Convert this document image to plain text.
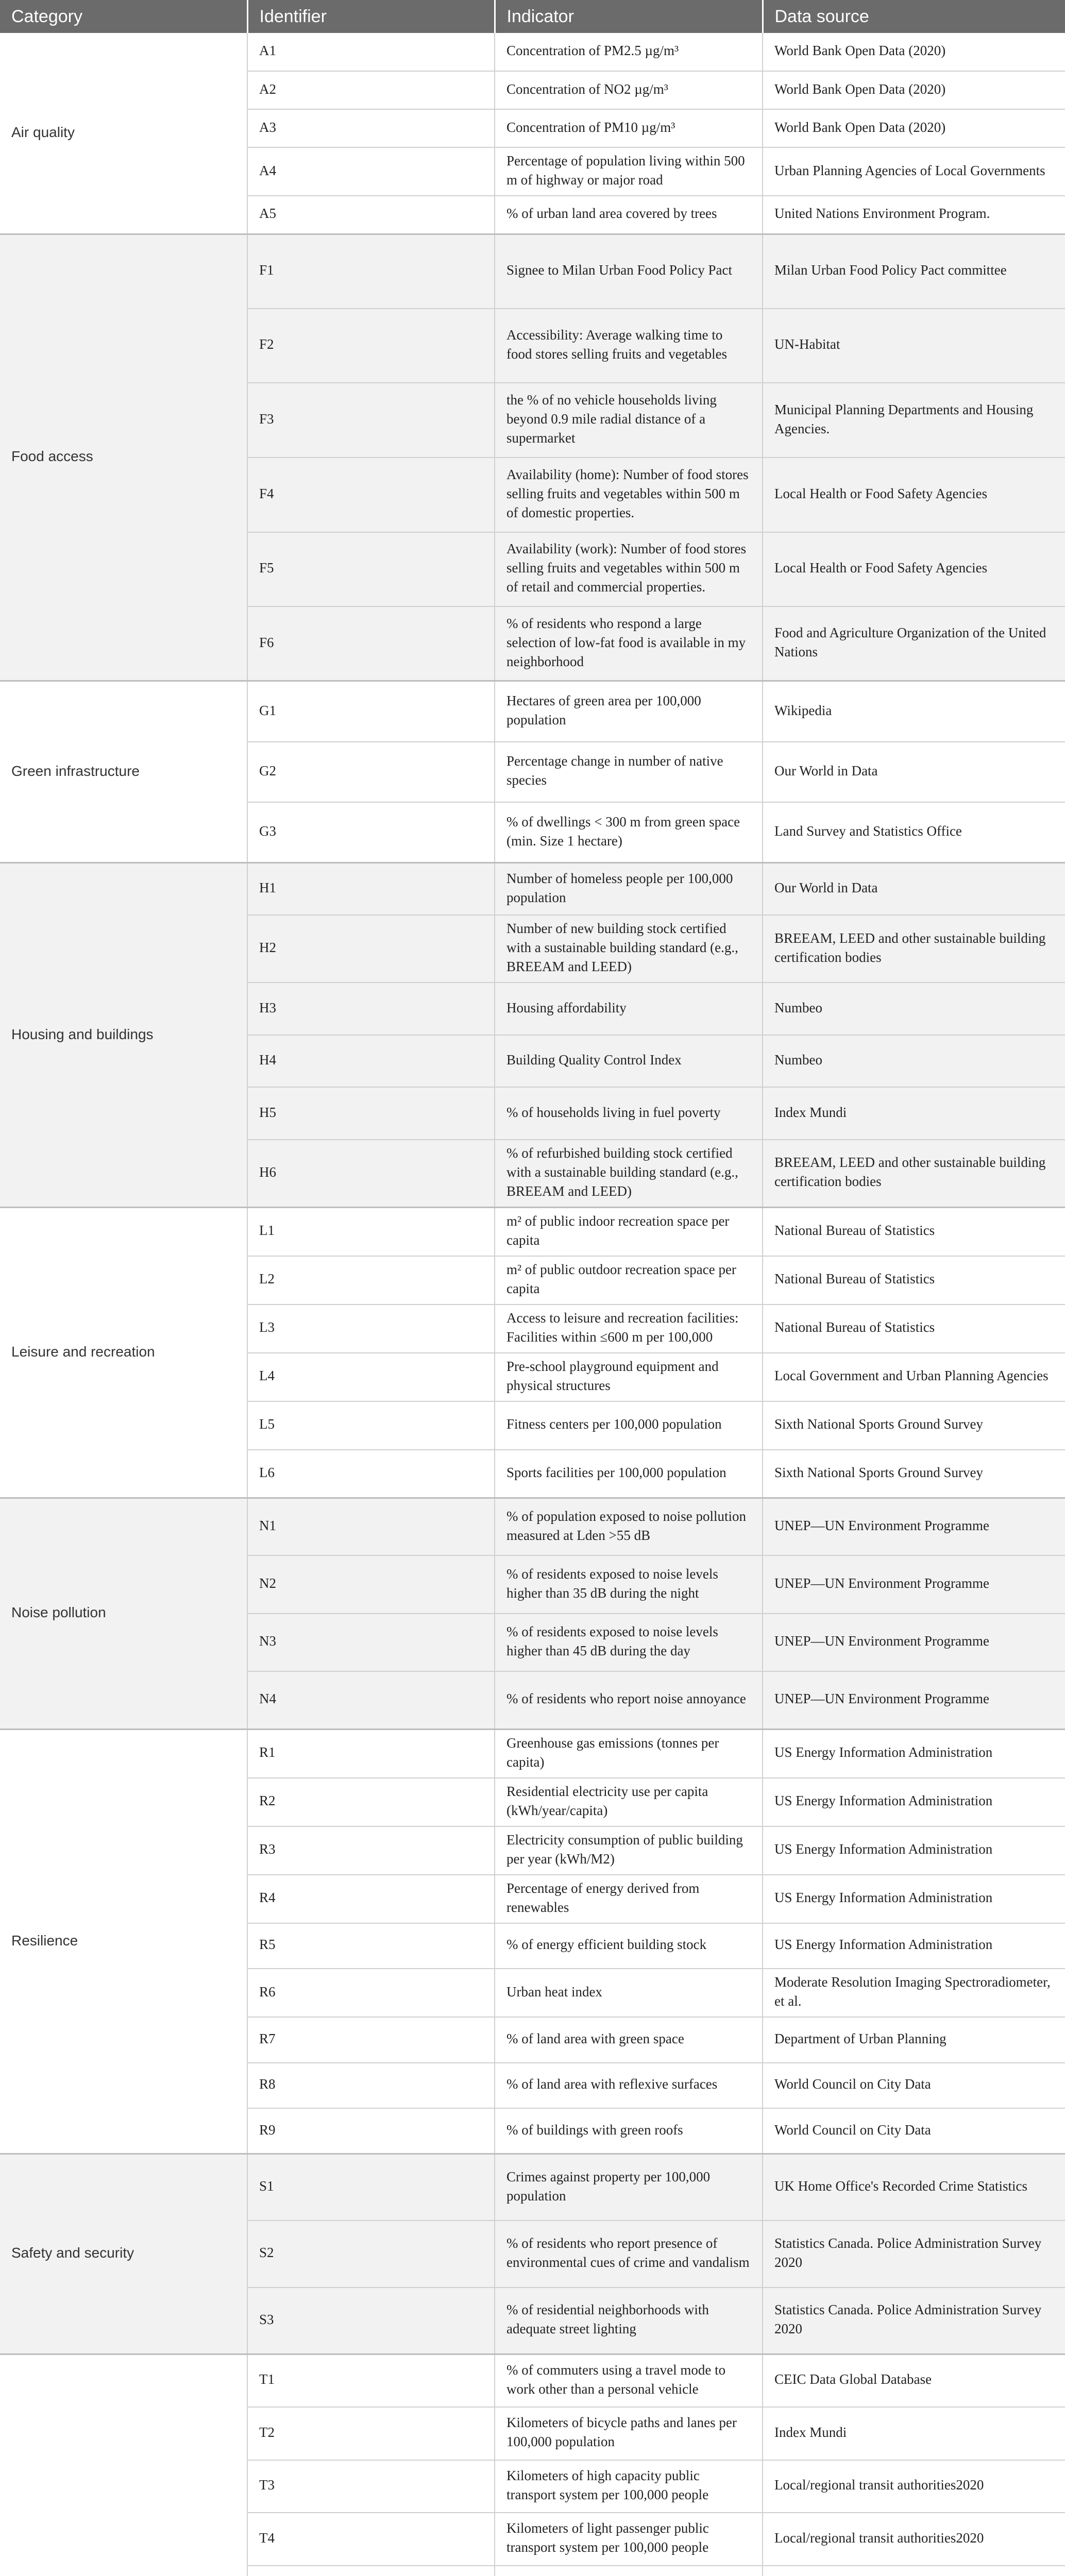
Category	Identifier	Indicator	Data source
Air quality	A1	Concentration of PM2.5 µg/m³	World Bank Open Data (2020)
	A2	Concentration of NO2 µg/m³	World Bank Open Data (2020)
	A3	Concentration of PM10 µg/m³	World Bank Open Data (2020)
	A4	Percentage of population living within 500 m of highway or major road	Urban Planning Agencies of Local Governments
	A5	% of urban land area covered by trees	United Nations Environment Program.
Food access	F1	Signee to Milan Urban Food Policy Pact	Milan Urban Food Policy Pact committee
	F2	Accessibility: Average walking time to food stores selling fruits and vegetables	UN-Habitat
	F3	the % of no vehicle households living beyond 0.9 mile radial distance of a supermarket	Municipal Planning Departments and Housing Agencies.
	F4	Availability (home): Number of food stores selling fruits and vegetables within 500 m of domestic properties.	Local Health or Food Safety Agencies
	F5	Availability (work): Number of food stores selling fruits and vegetables within 500 m of retail and commercial properties.	Local Health or Food Safety Agencies
	F6	% of residents who respond a large selection of low-fat food is available in my neighborhood	Food and Agriculture Organization of the United Nations
Green infrastructure	G1	Hectares of green area per 100,000 population	Wikipedia
	G2	Percentage change in number of native species	Our World in Data
	G3	% of dwellings < 300 m from green space (min. Size 1 hectare)	Land Survey and Statistics Office
Housing and buildings	H1	Number of homeless people per 100,000 population	Our World in Data
	H2	Number of new building stock certified with a sustainable building standard (e.g., BREEAM and LEED)	BREEAM, LEED and other sustainable building certification bodies
	H3	Housing affordability	Numbeo
	H4	Building Quality Control Index	Numbeo
	H5	% of households living in fuel poverty	Index Mundi
	H6	% of refurbished building stock certified with a sustainable building standard (e.g., BREEAM and LEED)	BREEAM, LEED and other sustainable building certification bodies
Leisure and recreation	L1	m² of public indoor recreation space per capita	National Bureau of Statistics
	L2	m² of public outdoor recreation space per capita	National Bureau of Statistics
	L3	Access to leisure and recreation facilities: Facilities within ≤600 m per 100,000	National Bureau of Statistics
	L4	Pre-school playground equipment and physical structures	Local Government and Urban Planning Agencies
	L5	Fitness centers per 100,000 population	Sixth National Sports Ground Survey
	L6	Sports facilities per 100,000 population	Sixth National Sports Ground Survey
Noise pollution	N1	% of population exposed to noise pollution measured at Lden >55 dB	UNEP—UN Environment Programme
	N2	% of residents exposed to noise levels higher than 35 dB during the night	UNEP—UN Environment Programme
	N3	% of residents exposed to noise levels higher than 45 dB during the day	UNEP—UN Environment Programme
	N4	% of residents who report noise annoyance	UNEP—UN Environment Programme
Resilience	R1	Greenhouse gas emissions (tonnes per capita)	US Energy Information Administration
	R2	Residential electricity use per capita (kWh/year/capita)	US Energy Information Administration
	R3	Electricity consumption of public building per year (kWh/M2)	US Energy Information Administration
	R4	Percentage of energy derived from renewables	US Energy Information Administration
	R5	% of energy efficient building stock	US Energy Information Administration
	R6	Urban heat index	Moderate Resolution Imaging Spectroradiometer, et al.
	R7	% of land area with green space	Department of Urban Planning
	R8	% of land area with reflexive surfaces	World Council on City Data
	R9	% of buildings with green roofs	World Council on City Data
Safety and security	S1	Crimes against property per 100,000 population	UK Home Office's Recorded Crime Statistics
	S2	% of residents who report presence of environmental cues of crime and vandalism	Statistics Canada. Police Administration Survey 2020
	S3	% of residential neighborhoods with adequate street lighting	Statistics Canada. Police Administration Survey 2020
	T1	% of commuters using a travel mode to work other than a personal vehicle	CEIC Data Global Database
	T2	Kilometers of bicycle paths and lanes per 100,000 population	Index Mundi
	T3	Kilometers of high capacity public transport system per 100,000 people	Local/regional transit authorities2020
	T4	Kilometers of light passenger public transport system per 100,000 people	Local/regional transit authorities2020
